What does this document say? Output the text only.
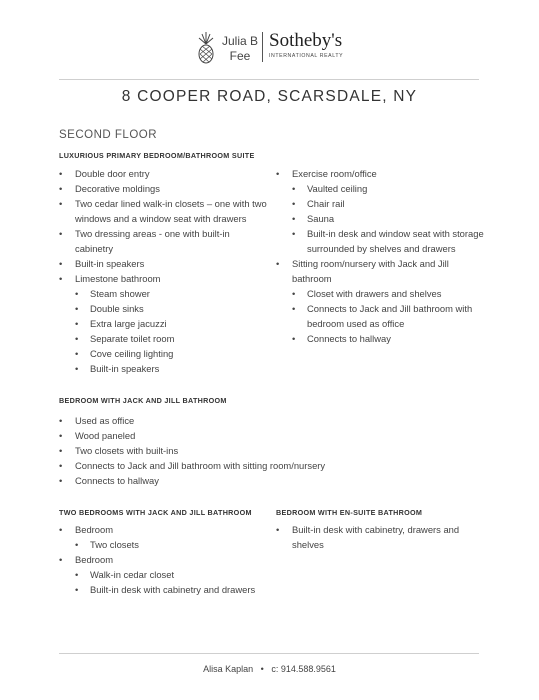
Julia B
Fee
Sotheby's
INTERNATIONAL REALTY
8 COOPER ROAD, SCARSDALE, NY
SECOND FLOOR
LUXURIOUS PRIMARY BEDROOM/BATHROOM SUITE
• Double door entry
• Decorative moldings
• Two cedar lined walk-in closets – one with two
windows and a window seat with drawers
• Two dressing areas - one with built-in
cabinetry
• Built-in speakers
• Limestone bathroom
• Steam shower
• Double sinks
• Extra large jacuzzi
• Separate toilet room
• Cove ceiling lighting
• Built-in speakers
• Exercise room/office
• Vaulted ceiling
• Chair rail
• Sauna
• Built-in desk and window seat with storage
surrounded by shelves and drawers
• Sitting room/nursery with Jack and Jill
bathroom
• Closet with drawers and shelves
• Connects to Jack and Jill bathroom with
bedroom used as office
• Connects to hallway
BEDROOM WITH JACK AND JILL BATHROOM
• Used as office
• Wood paneled
• Two closets with built-ins
• Connects to Jack and Jill bathroom with sitting room/nursery
• Connects to hallway
TWO BEDROOMS WITH JACK AND JILL BATHROOM
• Bedroom
• Two closets
• Bedroom
• Walk-in cedar closet
• Built-in desk with cabinetry and drawers
BEDROOM WITH EN-SUITE BATHROOM
• Built-in desk with cabinetry, drawers and
shelves
Alisa Kaplan • c: 914.588.9561
